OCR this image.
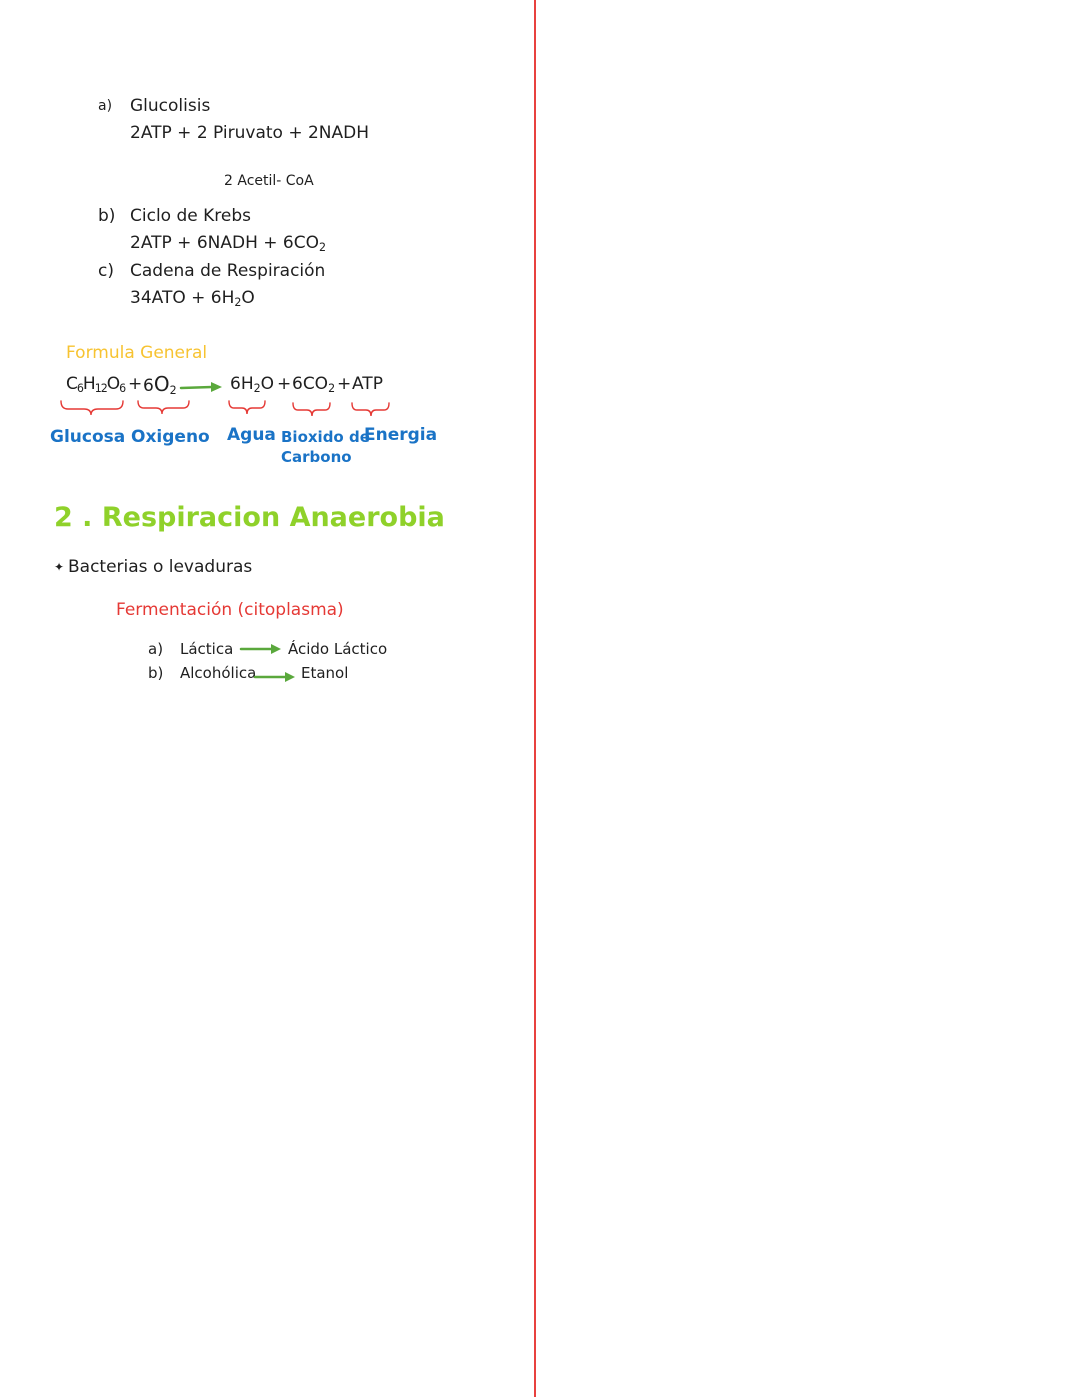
a) Glucolisis
2ATP + 2 Piruvato + 2NADH
2 Acetil- CoA
b) Ciclo de Krebs
2ATP + 6NADH + $6CO_2$
c) Cadena de Respiración
$34ATO + 6H_2O$
Formula General
$C_6H_{12}O_6 + 6O_2$	$6H_2O + 6CO_2$ + ATP
Glucosa Oxigeno Agua Bioxido de
Carbono
Energia
2 . Respiracion Anaerobia
✦ Bacterias o levaduras
Fermentación (citoplasma)
a) Láctica	Ácido Láctico
b) Alcohólica	Etanol
